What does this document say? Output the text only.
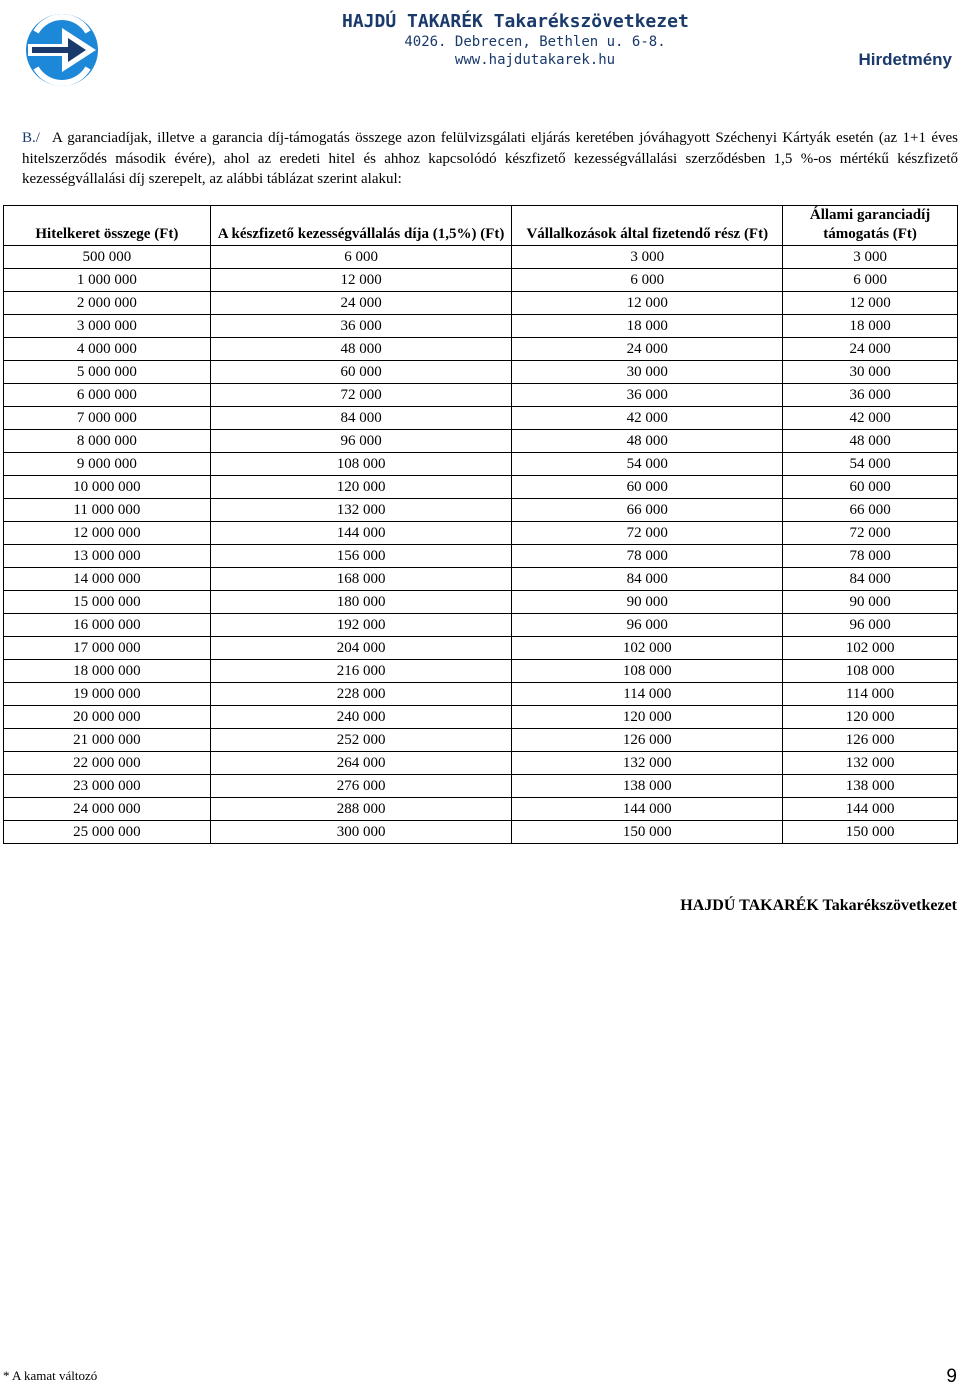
HAJDÚ TAKARÉK Takarékszövetkezet
4026. Debrecen, Bethlen u. 6-8.
www.hajdutakarek.hu	Hirdetmény
B./ A garanciadíjak, illetve a garancia díj-támogatás összege azon felülvizsgálati eljárás keretében jóváhagyott Széchenyi Kártyák esetén (az 1+1 éves hitelszerződés második évére), ahol az eredeti hitel és ahhoz kapcsolódó készfizető kezességvállalási szerződésben 1,5 %-os mértékű készfizető kezességvállalási díj szerepelt, az alábbi táblázat szerint alakul:
Hitelkeret összege (Ft)	A készfizető kezességvállalás díja (1,5%) (Ft)	Vállalkozások által fizetendő rész (Ft)	Állami garanciadíj támogatás (Ft)
500 000	6 000	3 000	3 000
1 000 000	12 000	6 000	6 000
2 000 000	24 000	12 000	12 000
3 000 000	36 000	18 000	18 000
4 000 000	48 000	24 000	24 000
5 000 000	60 000	30 000	30 000
6 000 000	72 000	36 000	36 000
7 000 000	84 000	42 000	42 000
8 000 000	96 000	48 000	48 000
9 000 000	108 000	54 000	54 000
10 000 000	120 000	60 000	60 000
11 000 000	132 000	66 000	66 000
12 000 000	144 000	72 000	72 000
13 000 000	156 000	78 000	78 000
14 000 000	168 000	84 000	84 000
15 000 000	180 000	90 000	90 000
16 000 000	192 000	96 000	96 000
17 000 000	204 000	102 000	102 000
18 000 000	216 000	108 000	108 000
19 000 000	228 000	114 000	114 000
20 000 000	240 000	120 000	120 000
21 000 000	252 000	126 000	126 000
22 000 000	264 000	132 000	132 000
23 000 000	276 000	138 000	138 000
24 000 000	288 000	144 000	144 000
25 000 000	300 000	150 000	150 000
HAJDÚ TAKARÉK Takarékszövetkezet
* A kamat változó	9
